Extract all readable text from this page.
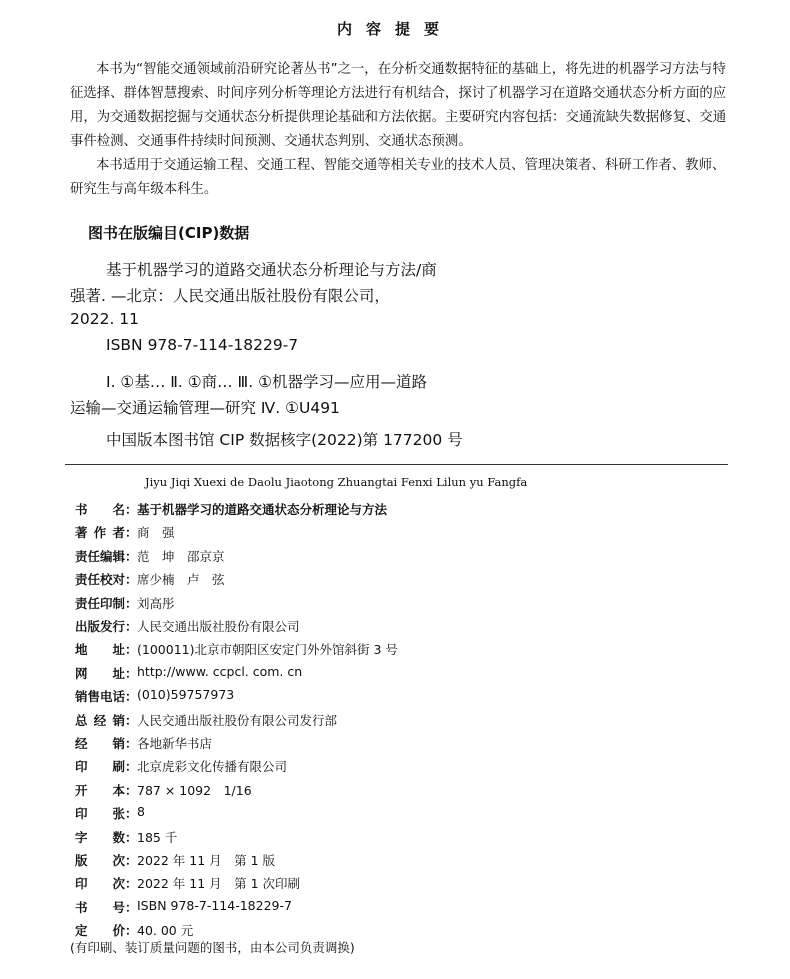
内容提要
本书为“智能交通领域前沿研究论著丛书”之一，在分析交通数据特征的基础上，将先进的机器学习方法与特征选择、群体智慧搜索、时间序列分析等理论方法进行有机结合，探讨了机器学习在道路交通状态分析方面的应用，为交通数据挖掘与交通状态分析提供理论基础和方法依据。主要研究内容包括：交通流缺失数据修复、交通事件检测、交通事件持续时间预测、交通状态判别、交通状态预测。
本书适用于交通运输工程、交通工程、智能交通等相关专业的技术人员、管理决策者、科研工作者、教师、研究生与高年级本科生。
图书在版编目(CIP)数据
基于机器学习的道路交通状态分析理论与方法/商
强著. —北京：人民交通出版社股份有限公司，
2022. 11
ISBN 978-7-114-18229-7
Ⅰ. ①基… Ⅱ. ①商… Ⅲ. ①机器学习—应用—道路
运输—交通运输管理—研究 Ⅳ. ①U491
中国版本图书馆 CIP 数据核字(2022)第 177200 号
Jiyu Jiqi Xuexi de Daolu Jiaotong Zhuangtai Fenxi Lilun yu Fangfa
书名 ： 基于机器学习的道路交通状态分析理论与方法
著作者 ： 商　强
责任编辑 ： 范　坤　邵京京
责任校对 ： 席少楠　卢　弦
责任印制 ： 刘高彤
出版发行 ： 人民交通出版社股份有限公司
地址 ： (100011)北京市朝阳区安定门外外馆斜街 3 号
网址 ： http://www. ccpcl. com. cn
销售电话 ： (010)59757973
总经销 ： 人民交通出版社股份有限公司发行部
经销 ： 各地新华书店
印刷 ： 北京虎彩文化传播有限公司
开本 ： 787 × 1092　1/16
印张 ： 8
字数 ： 185 千
版次 ： 2022 年 11 月　第 1 版
印次 ： 2022 年 11 月　第 1 次印刷
书号 ： ISBN 978-7-114-18229-7
定价 ： 40. 00 元
(有印刷、装订质量问题的图书，由本公司负责调换)
